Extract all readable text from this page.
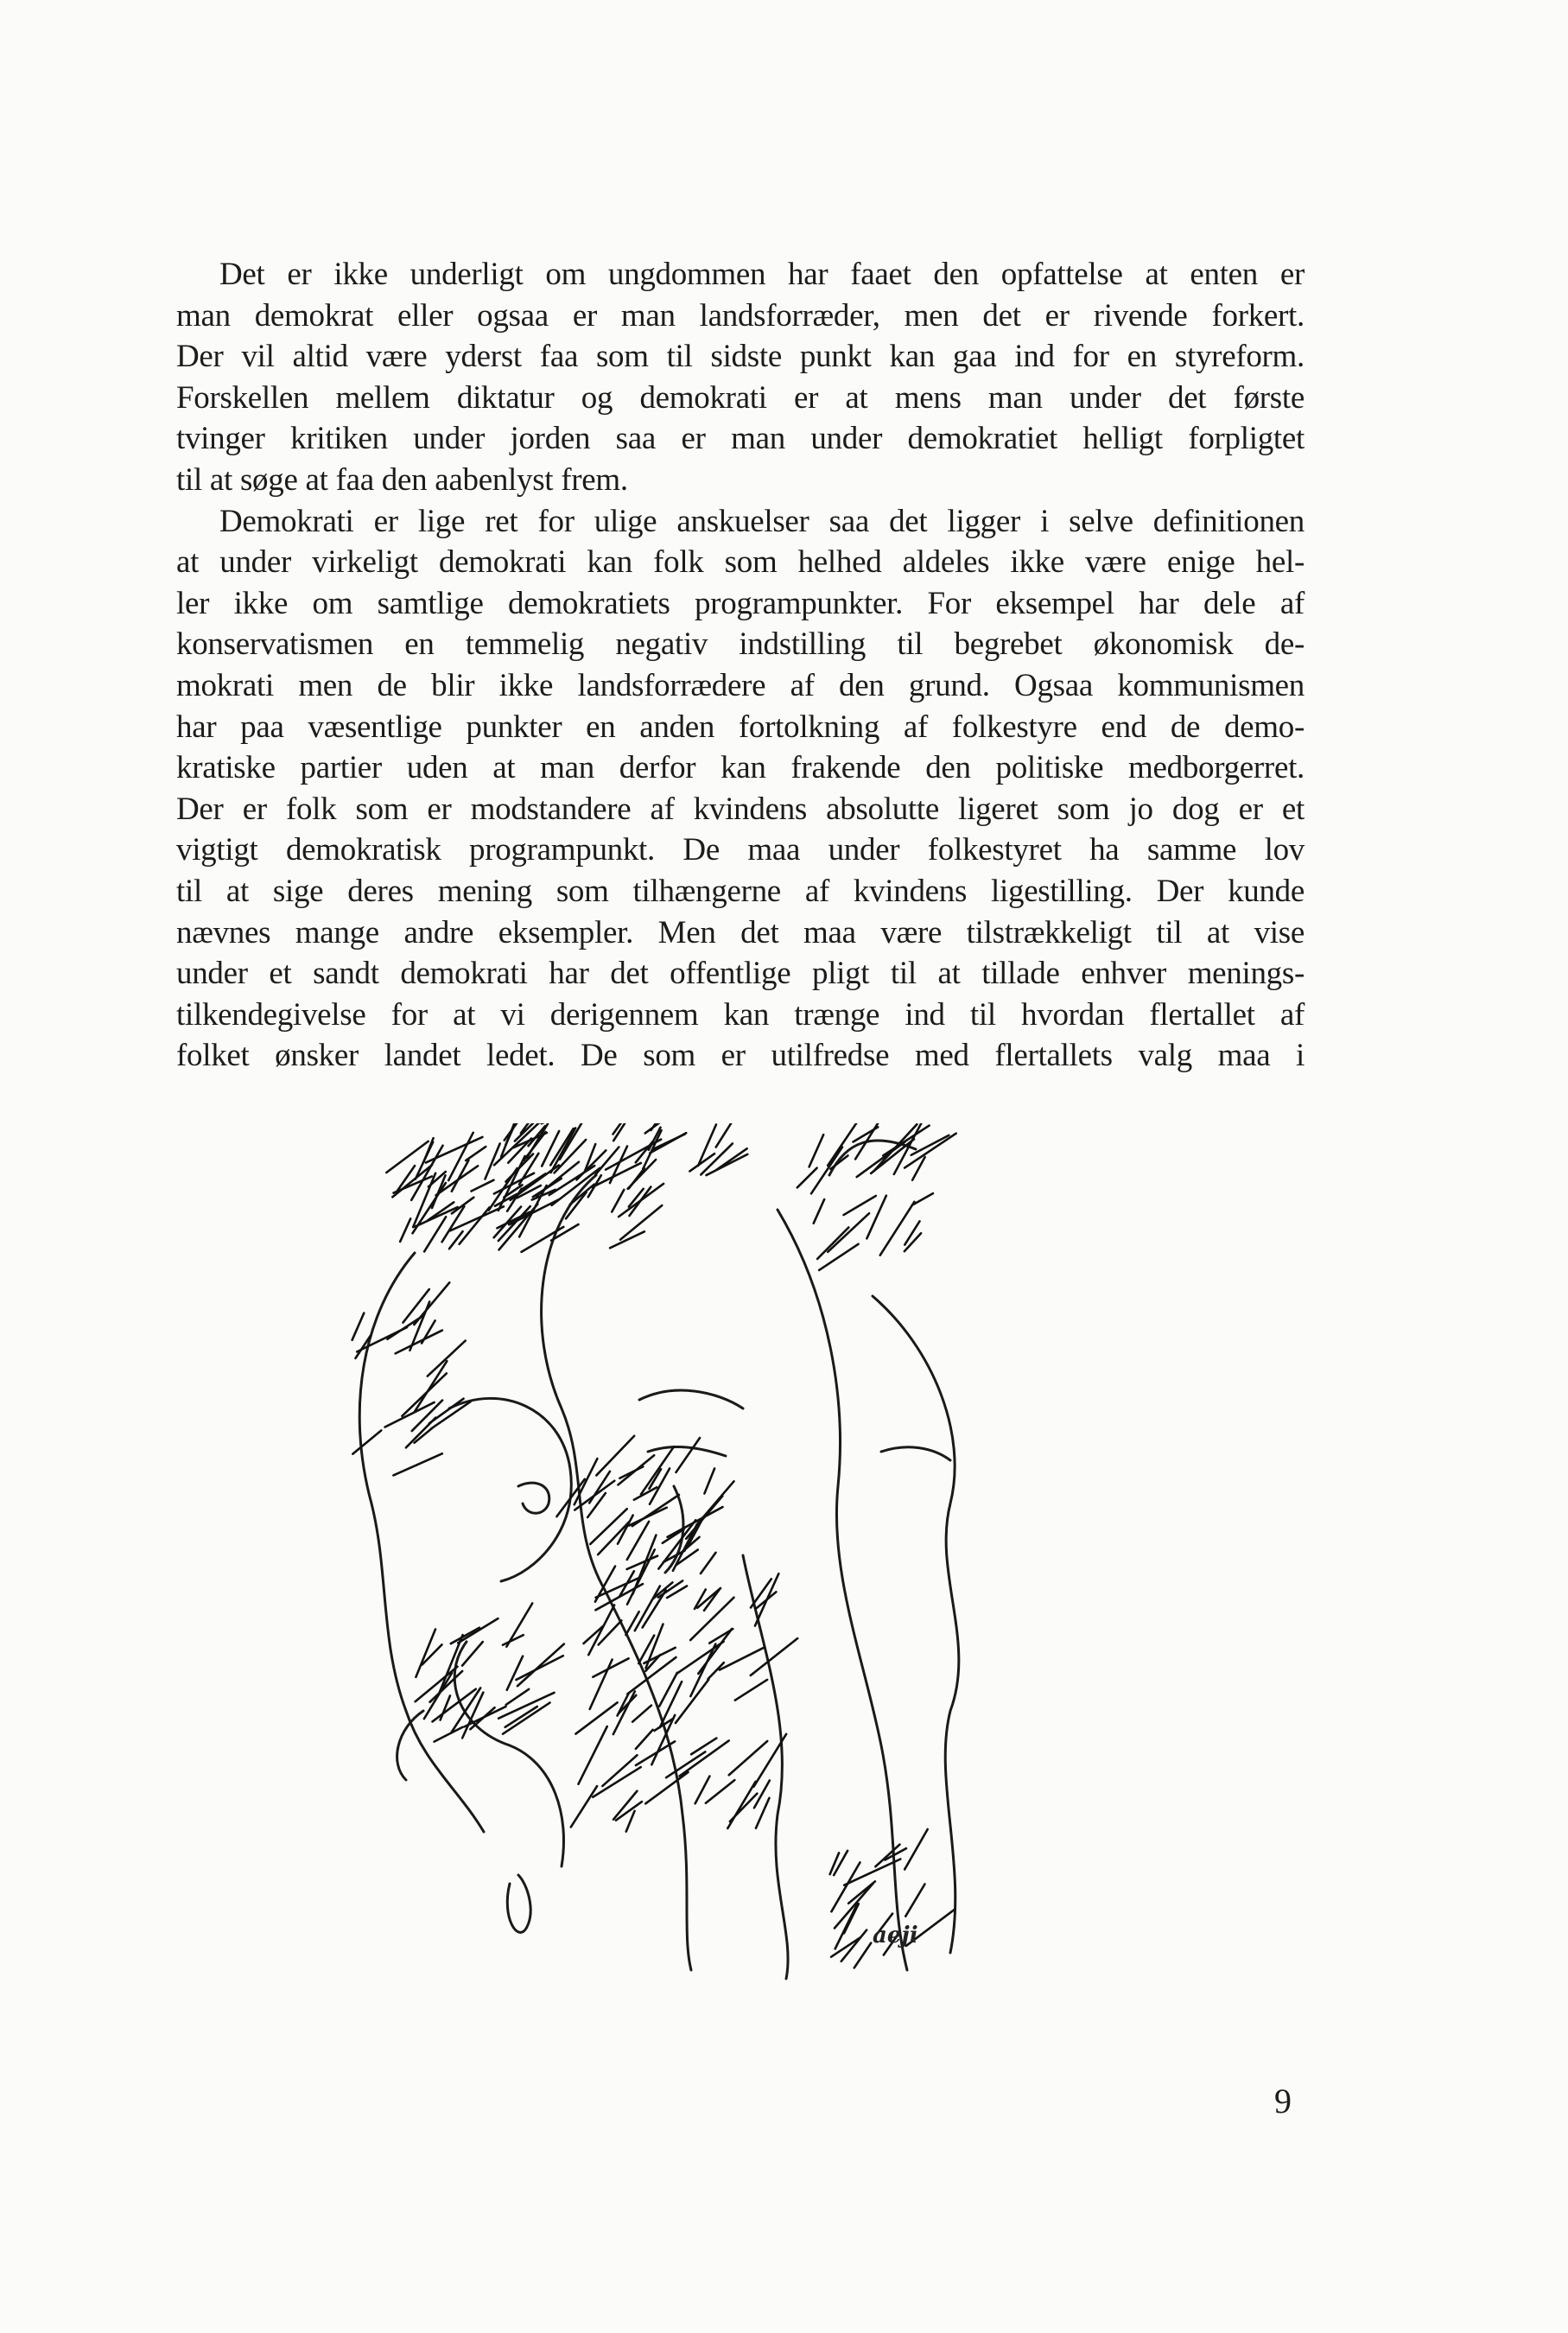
Det er ikke underligt om ungdommen har faaet den opfattelse at enten er
man demokrat eller ogsaa er man landsforræder, men det er rivende forkert.
Der vil altid være yderst faa som til sidste punkt kan gaa ind for en styreform.
Forskellen mellem diktatur og demokrati er at mens man under det første
tvinger kritiken under jorden saa er man under demokratiet helligt forpligtet
til at søge at faa den aabenlyst frem.
Demokrati er lige ret for ulige anskuelser saa det ligger i selve definitionen
at under virkeligt demokrati kan folk som helhed aldeles ikke være enige hel-
ler ikke om samtlige demokratiets programpunkter. For eksempel har dele af
konservatismen en temmelig negativ indstilling til begrebet økonomisk de-
mokrati men de blir ikke landsforrædere af den grund. Ogsaa kommunismen
har paa væsentlige punkter en anden fortolkning af folkestyre end de demo-
kratiske partier uden at man derfor kan frakende den politiske medborgerret.
Der er folk som er modstandere af kvindens absolutte ligeret som jo dog er et
vigtigt demokratisk programpunkt. De maa under folkestyret ha samme lov
til at sige deres mening som tilhængerne af kvindens ligestilling. Der kunde
nævnes mange andre eksempler. Men det maa være tilstrækkeligt til at vise
under et sandt demokrati har det offentlige pligt til at tillade enhver menings-
tilkendegivelse for at vi derigennem kan trænge ind til hvordan flertallet af
folket ønsker landet ledet. De som er utilfredse med flertallets valg maa i
aeji
9
